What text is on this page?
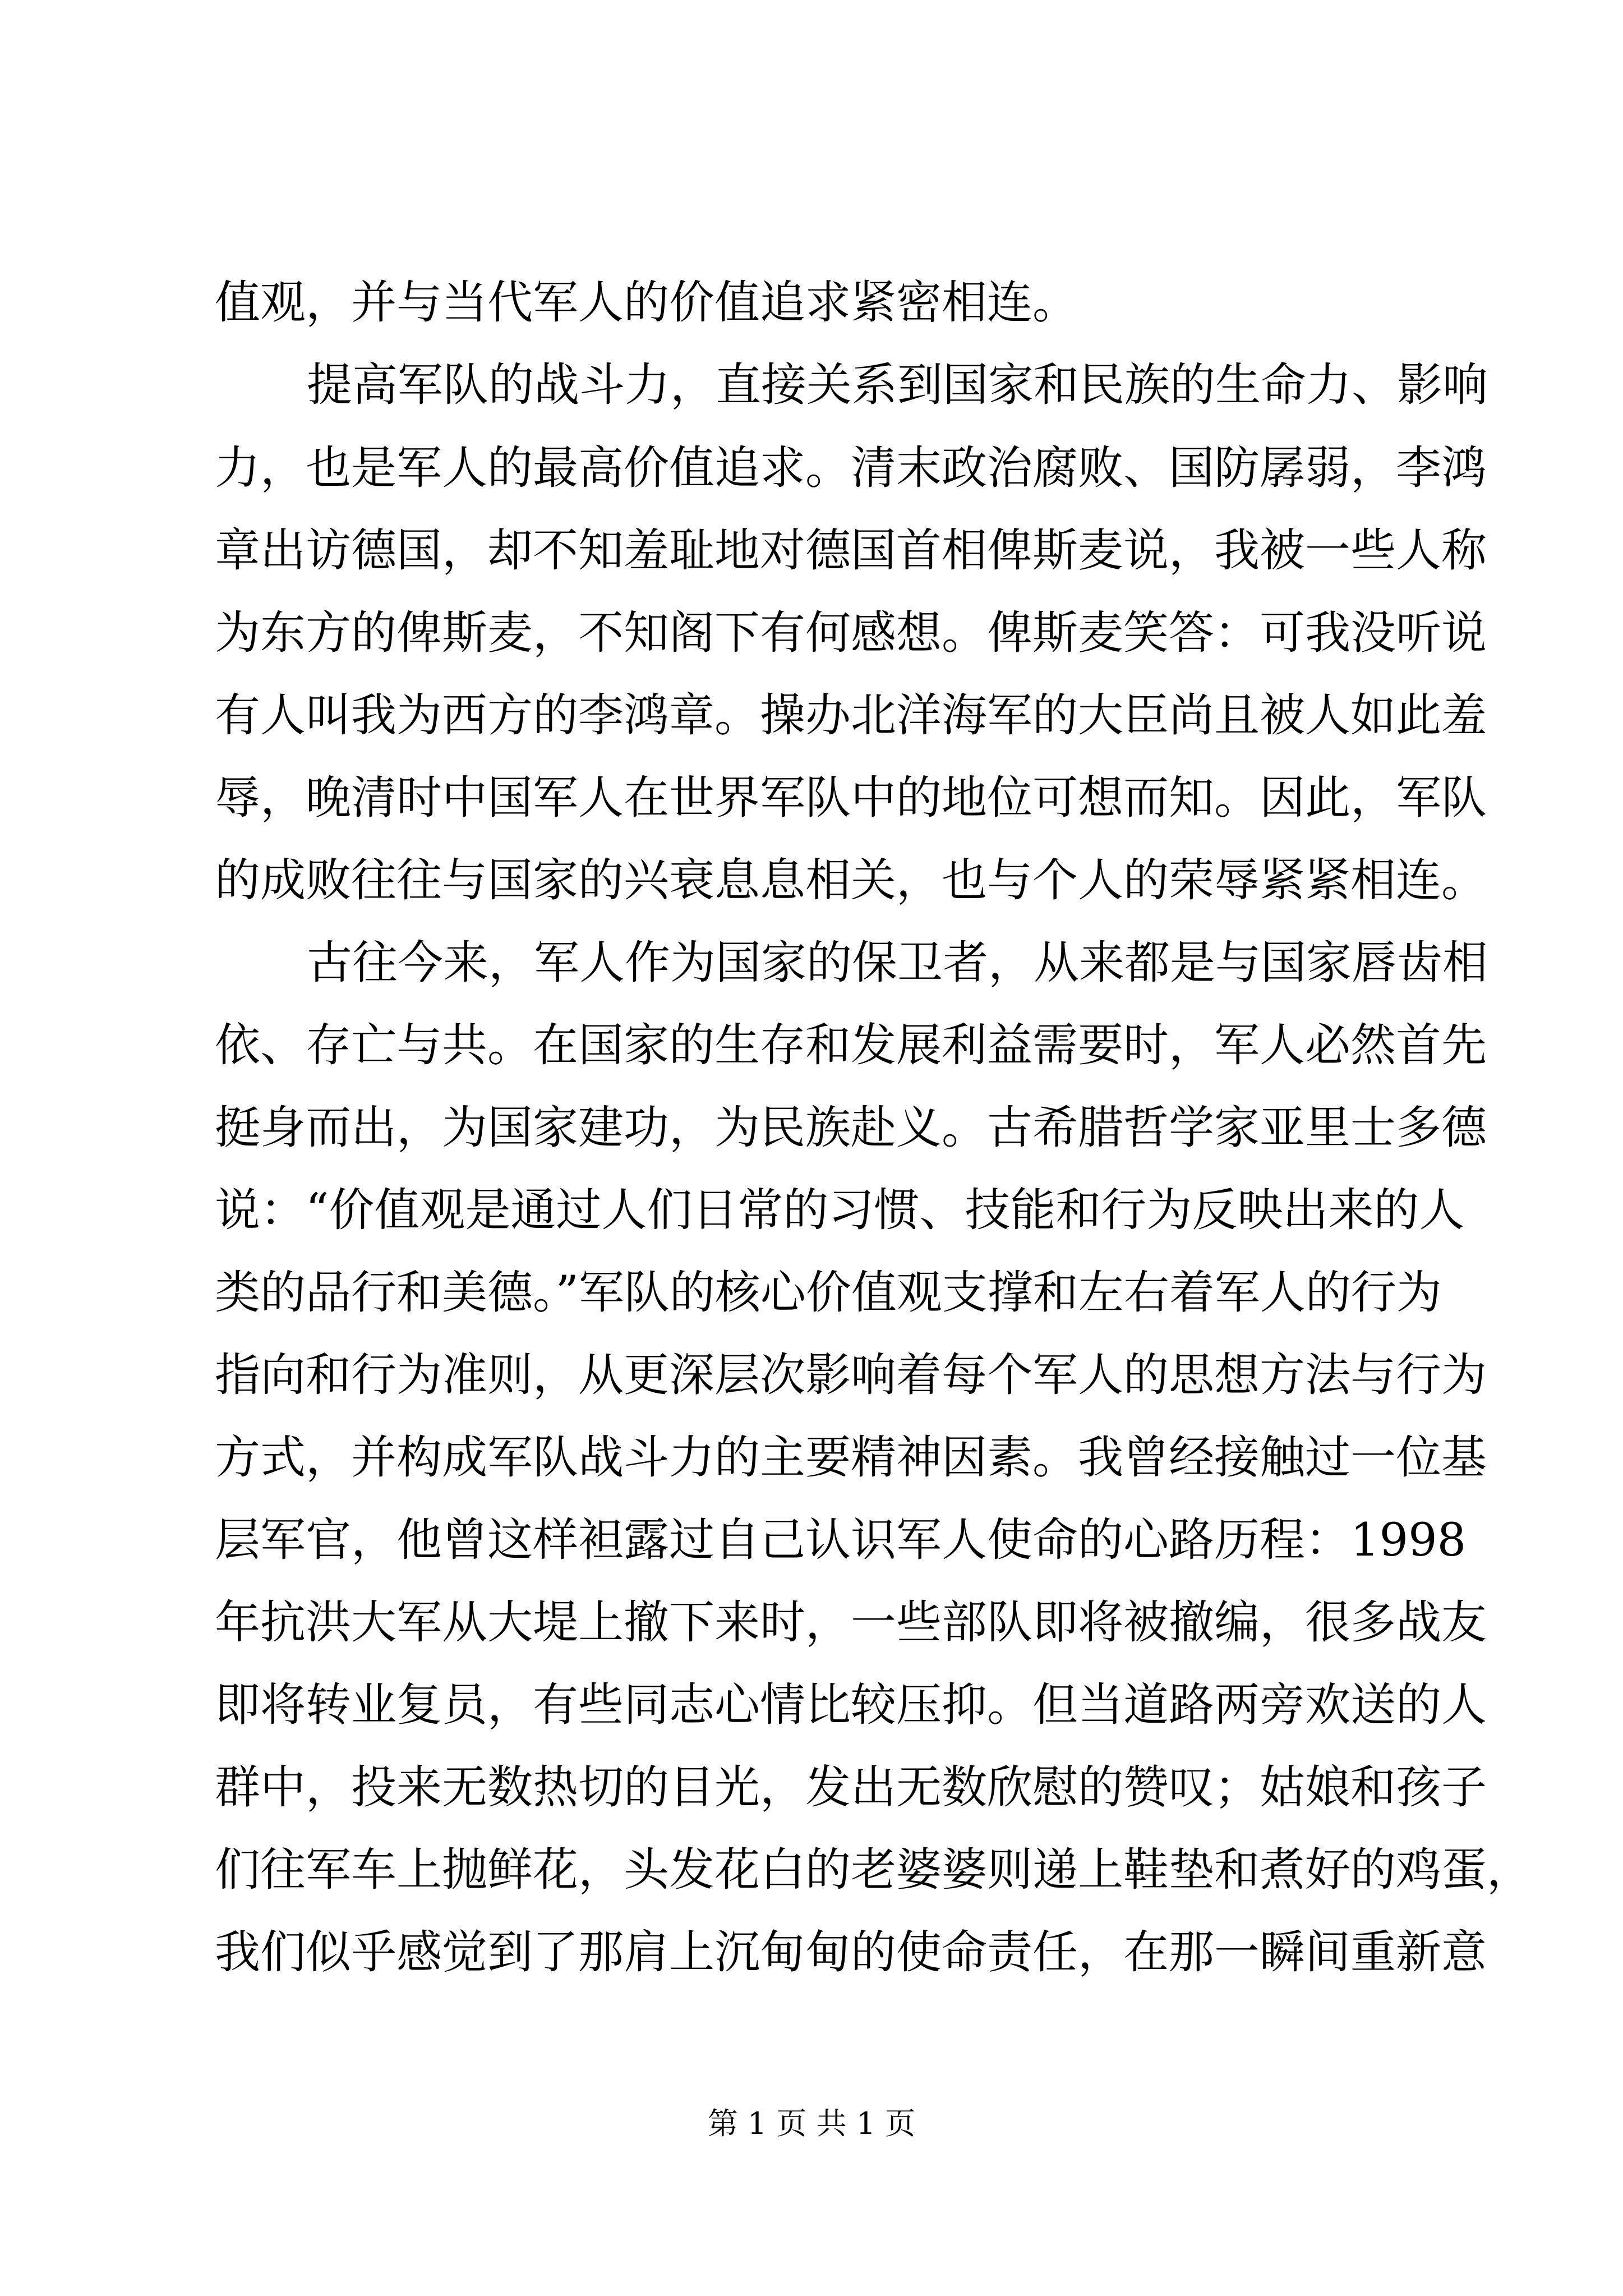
值观，并与当代军人的价值追求紧密相连。
提高军队的战斗力，直接关系到国家和民族的生命力、影响
力，也是军人的最高价值追求。清末政治腐败、国防孱弱，李鸿
章出访德国，却不知羞耻地对德国首相俾斯麦说，我被一些人称
为东方的俾斯麦，不知阁下有何感想。俾斯麦笑答：可我没听说
有人叫我为西方的李鸿章。操办北洋海军的大臣尚且被人如此羞
辱，晚清时中国军人在世界军队中的地位可想而知。因此，军队
的成败往往与国家的兴衰息息相关，也与个人的荣辱紧紧相连。
古往今来，军人作为国家的保卫者，从来都是与国家唇齿相
依、存亡与共。在国家的生存和发展利益需要时，军人必然首先
挺身而出，为国家建功，为民族赴义。古希腊哲学家亚里士多德
说：“价值观是通过人们日常的习惯、技能和行为反映出来的人
类的品行和美德。”军队的核心价值观支撑和左右着军人的行为
指向和行为准则，从更深层次影响着每个军人的思想方法与行为
方式，并构成军队战斗力的主要精神因素。我曾经接触过一位基
层军官，他曾这样袒露过自己认识军人使命的心路历程：1998
年抗洪大军从大堤上撤下来时，一些部队即将被撤编，很多战友
即将转业复员，有些同志心情比较压抑。但当道路两旁欢送的人
群中，投来无数热切的目光，发出无数欣慰的赞叹；姑娘和孩子
们往军车上抛鲜花，头发花白的老婆婆则递上鞋垫和煮好的鸡蛋，
我们似乎感觉到了那肩上沉甸甸的使命责任，在那一瞬间重新意
第 1 页 共 1 页
